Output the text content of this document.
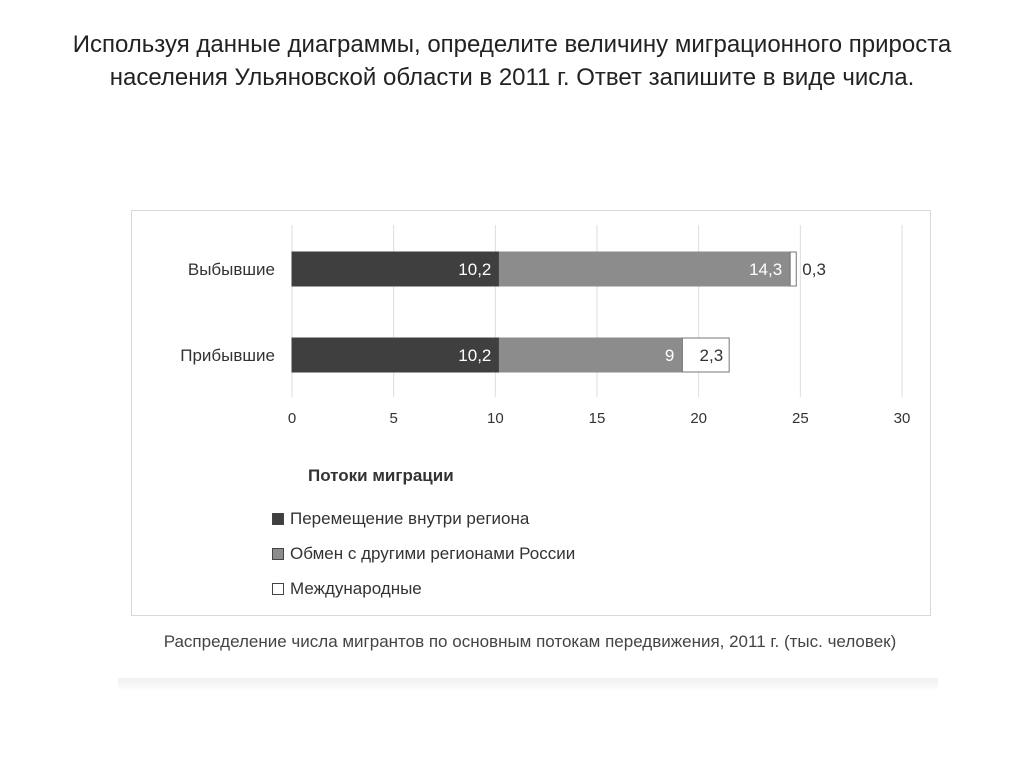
Используя данные диаграммы, определите величину миграционного прироста населения Ульяновской области в 2011 г. Ответ запишите в виде числа.

0	5	10	15	20	25	30
Выбывшие	10,2	14,3 0,3
Прибывшие	10,2	9 2,3
Потоки миграции
Перемещение внутри региона
Обмен с другими регионами России
Международные
Распределение числа мигрантов по основным потокам передвижения, 2011 г. (тыс. человек)
